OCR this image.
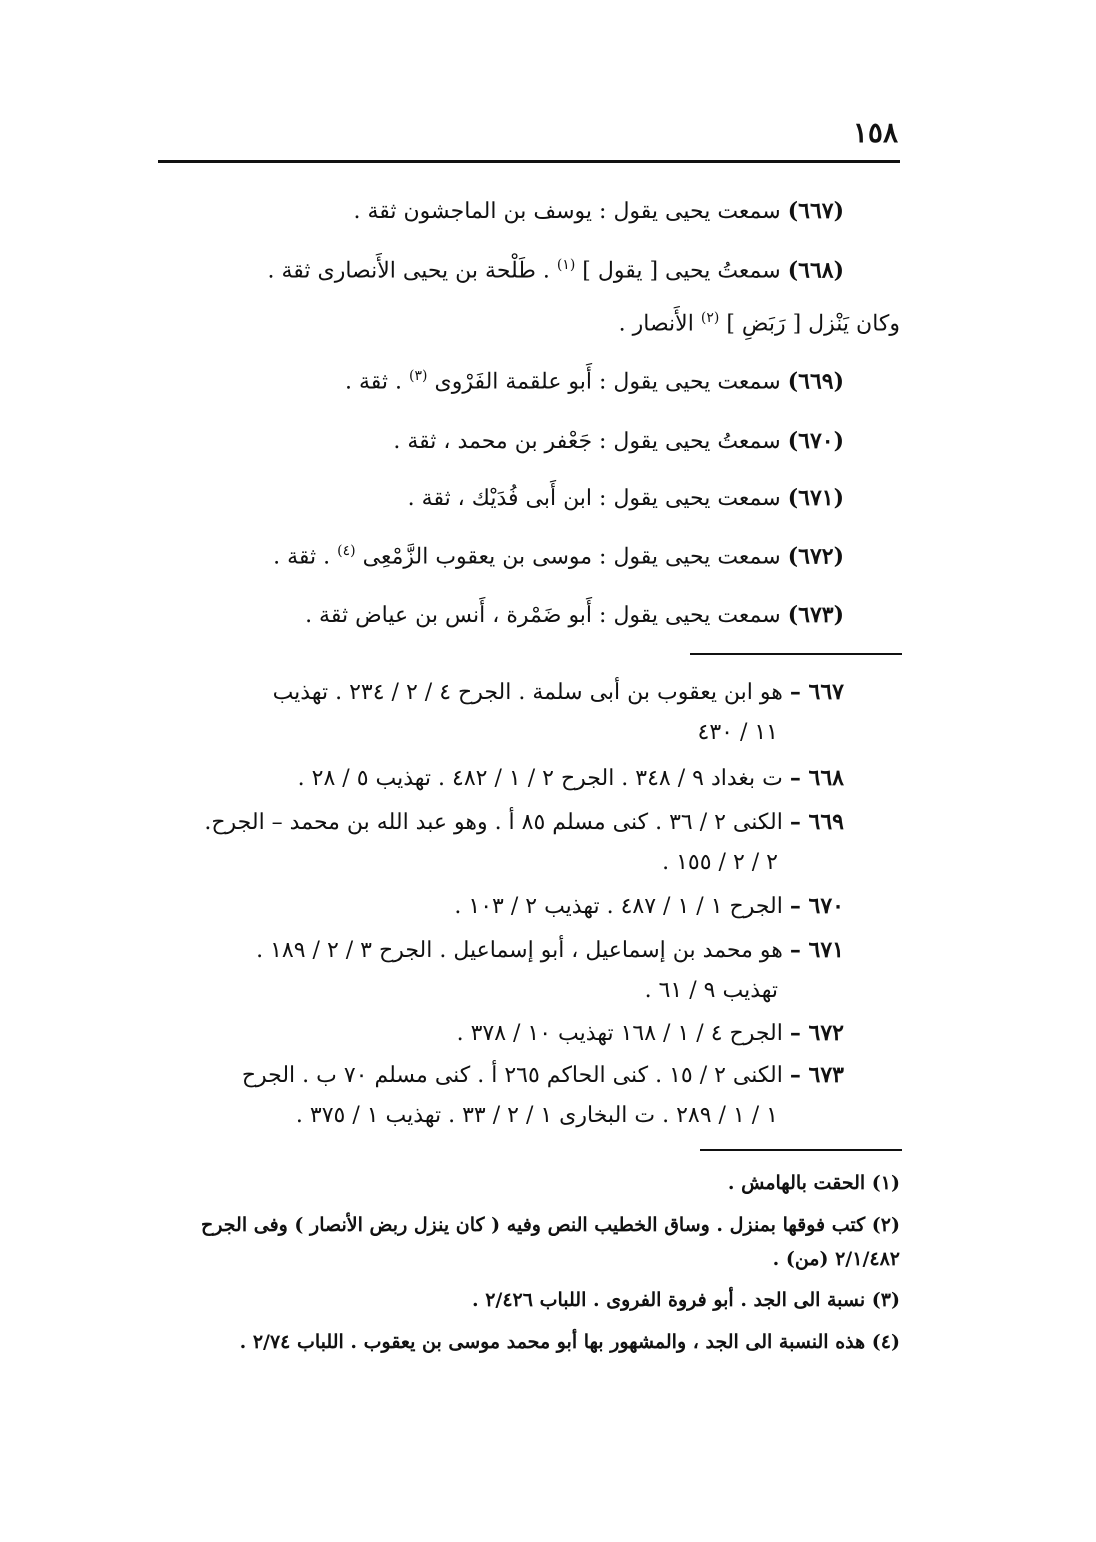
١٥٨
(٦٦٧) سمعت يحيى يقول : يوسف بن الماجشون ثقة .
(٦٦٨) سمعتُ يحيى [ يقول ] $^{(١)}$ . طَلْحة بن يحيى الأَنصارى ثقة .
وكان يَنْزل [ رَبَضِ ] $^{(٢)}$ الأَنصار .
(٦٦٩) سمعت يحيى يقول : أَبو علقمة الفَرْوى $^{(٣)}$ . ثقة .
(٦٧٠) سمعتُ يحيى يقول : جَعْفر بن محمد ، ثقة .
(٦٧١) سمعت يحيى يقول : ابن أَبى فُدَيْك ، ثقة .
(٦٧٢) سمعت يحيى يقول : موسى بن يعقوب الزَّمْعِى $^{(٤)}$ . ثقة .
(٦٧٣) سمعت يحيى يقول : أَبو ضَمْرة ، أَنس بن عياض ثقة .
٦٦٧ – هو ابن يعقوب بن أبى سلمة . الجرح ٤ / ٢ / ٢٣٤ . تهذيب
١١ / ٤٣٠
٦٦٨ – ت بغداد ٩ / ٣٤٨ . الجرح ٢ / ١ / ٤٨٢ . تهذيب ٥ / ٢٨ .
٦٦٩ – الكنى ٢ / ٣٦ . كنى مسلم ٨٥ أ . وهو عبد الله بن محمد – الجرح.
٢ / ٢ / ١٥٥ .
٦٧٠ – الجرح ١ / ١ / ٤٨٧ . تهذيب ٢ / ١٠٣ .
٦٧١ – هو محمد بن إسماعيل ، أبو إسماعيل . الجرح ٣ / ٢ / ١٨٩ .
تهذيب ٩ / ٦١ .
٦٧٢ – الجرح ٤ / ١ / ١٦٨ تهذيب ١٠ / ٣٧٨ .
٦٧٣ – الكنى ٢ / ١٥ . كنى الحاكم ٢٦٥ أ . كنى مسلم ٧٠ ب . الجرح
١ / ١ / ٢٨٩ . ت البخارى ١ / ٢ / ٣٣ . تهذيب ١ / ٣٧٥ .
(١) الحقت بالهامش .
(٢) كتب فوقها بمنزل . وساق الخطيب النص وفيه ( كان ينزل ربض الأنصار ) وفى الجرح ٢/١/٤٨٢ (من) .
(٣) نسبة الى الجد . أبو فروة الفروى . اللباب ٢/٤٢٦ .
(٤) هذه النسبة الى الجد ، والمشهور بها أبو محمد موسى بن يعقوب . اللباب ٢/٧٤ .
